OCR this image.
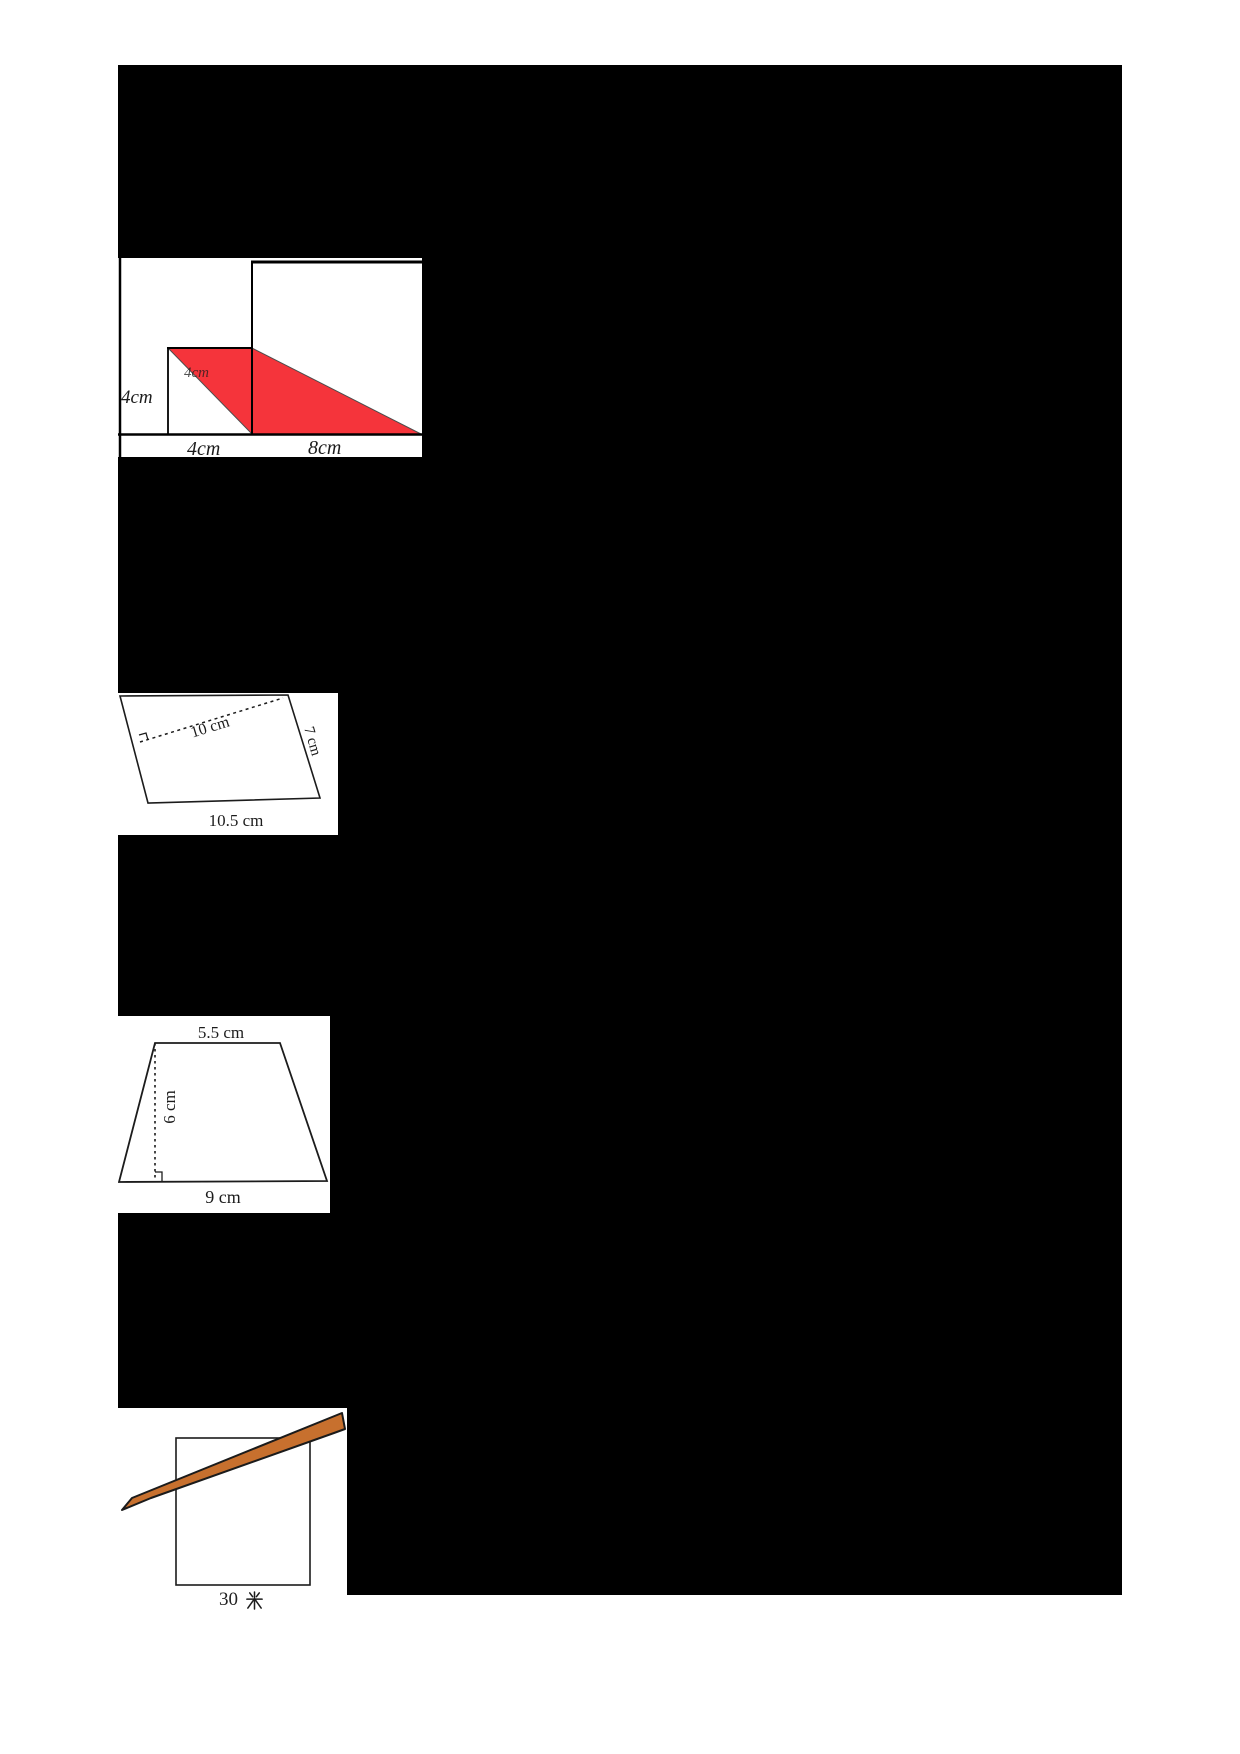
4cm
4cm
4cm	8cm
10 cm	7 cm
10.5 cm
5.5 cm
6 cm
9 cm
30
